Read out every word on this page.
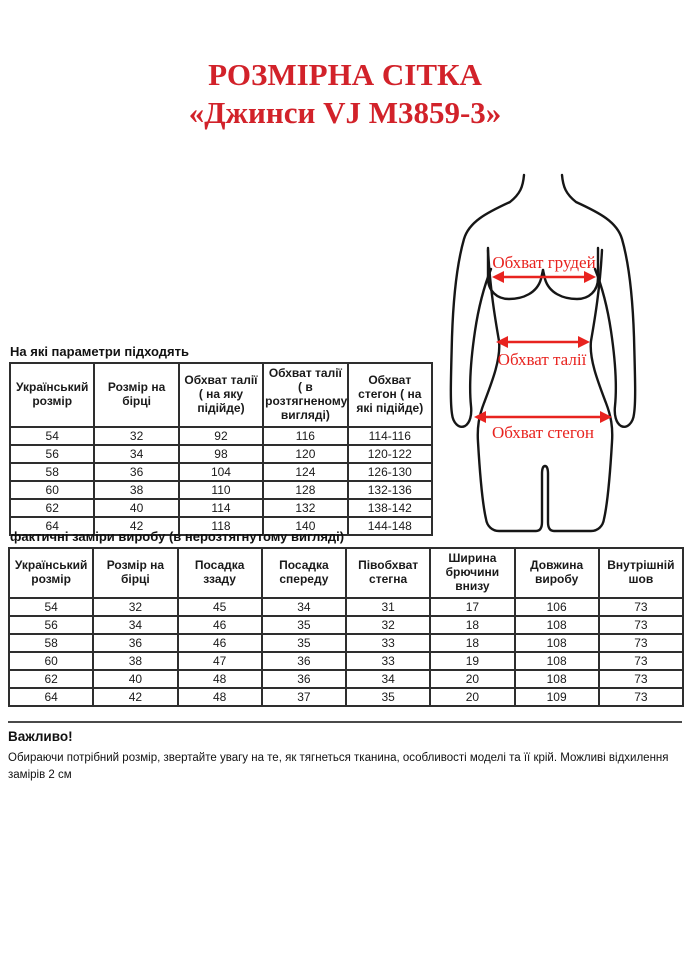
РОЗМІРНА СІТКА
«Джинси VJ M3859-3»
Обхват грудей
Обхват талії
Обхват стегон
На які параметри підходять
Український розмір	Розмір на бірці	Обхват талії ( на яку підійде)	Обхват талії ( в розтягненому вигляді)	Обхват стегон ( на які підійде)
54	32	92	116	114-116
56	34	98	120	120-122
58	36	104	124	126-130
60	38	110	128	132-136
62	40	114	132	138-142
64	42	118	140	144-148
фактичні заміри виробу (в нерозтягнутому вигляді)
Український розмір	Розмір на бірці	Посадка ззаду	Посадка спереду	Півобхват стегна	Ширина брючини внизу	Довжина виробу	Внутрішній шов
54	32	45	34	31	17	106	73
56	34	46	35	32	18	108	73
58	36	46	35	33	18	108	73
60	38	47	36	33	19	108	73
62	40	48	36	34	20	108	73
64	42	48	37	35	20	109	73

Важливо!

Обираючи потрібний розмір, звертайте увагу на те, як тягнеться тканина, особливості моделі та її крій. Можливі відхилення замірів 2 см
